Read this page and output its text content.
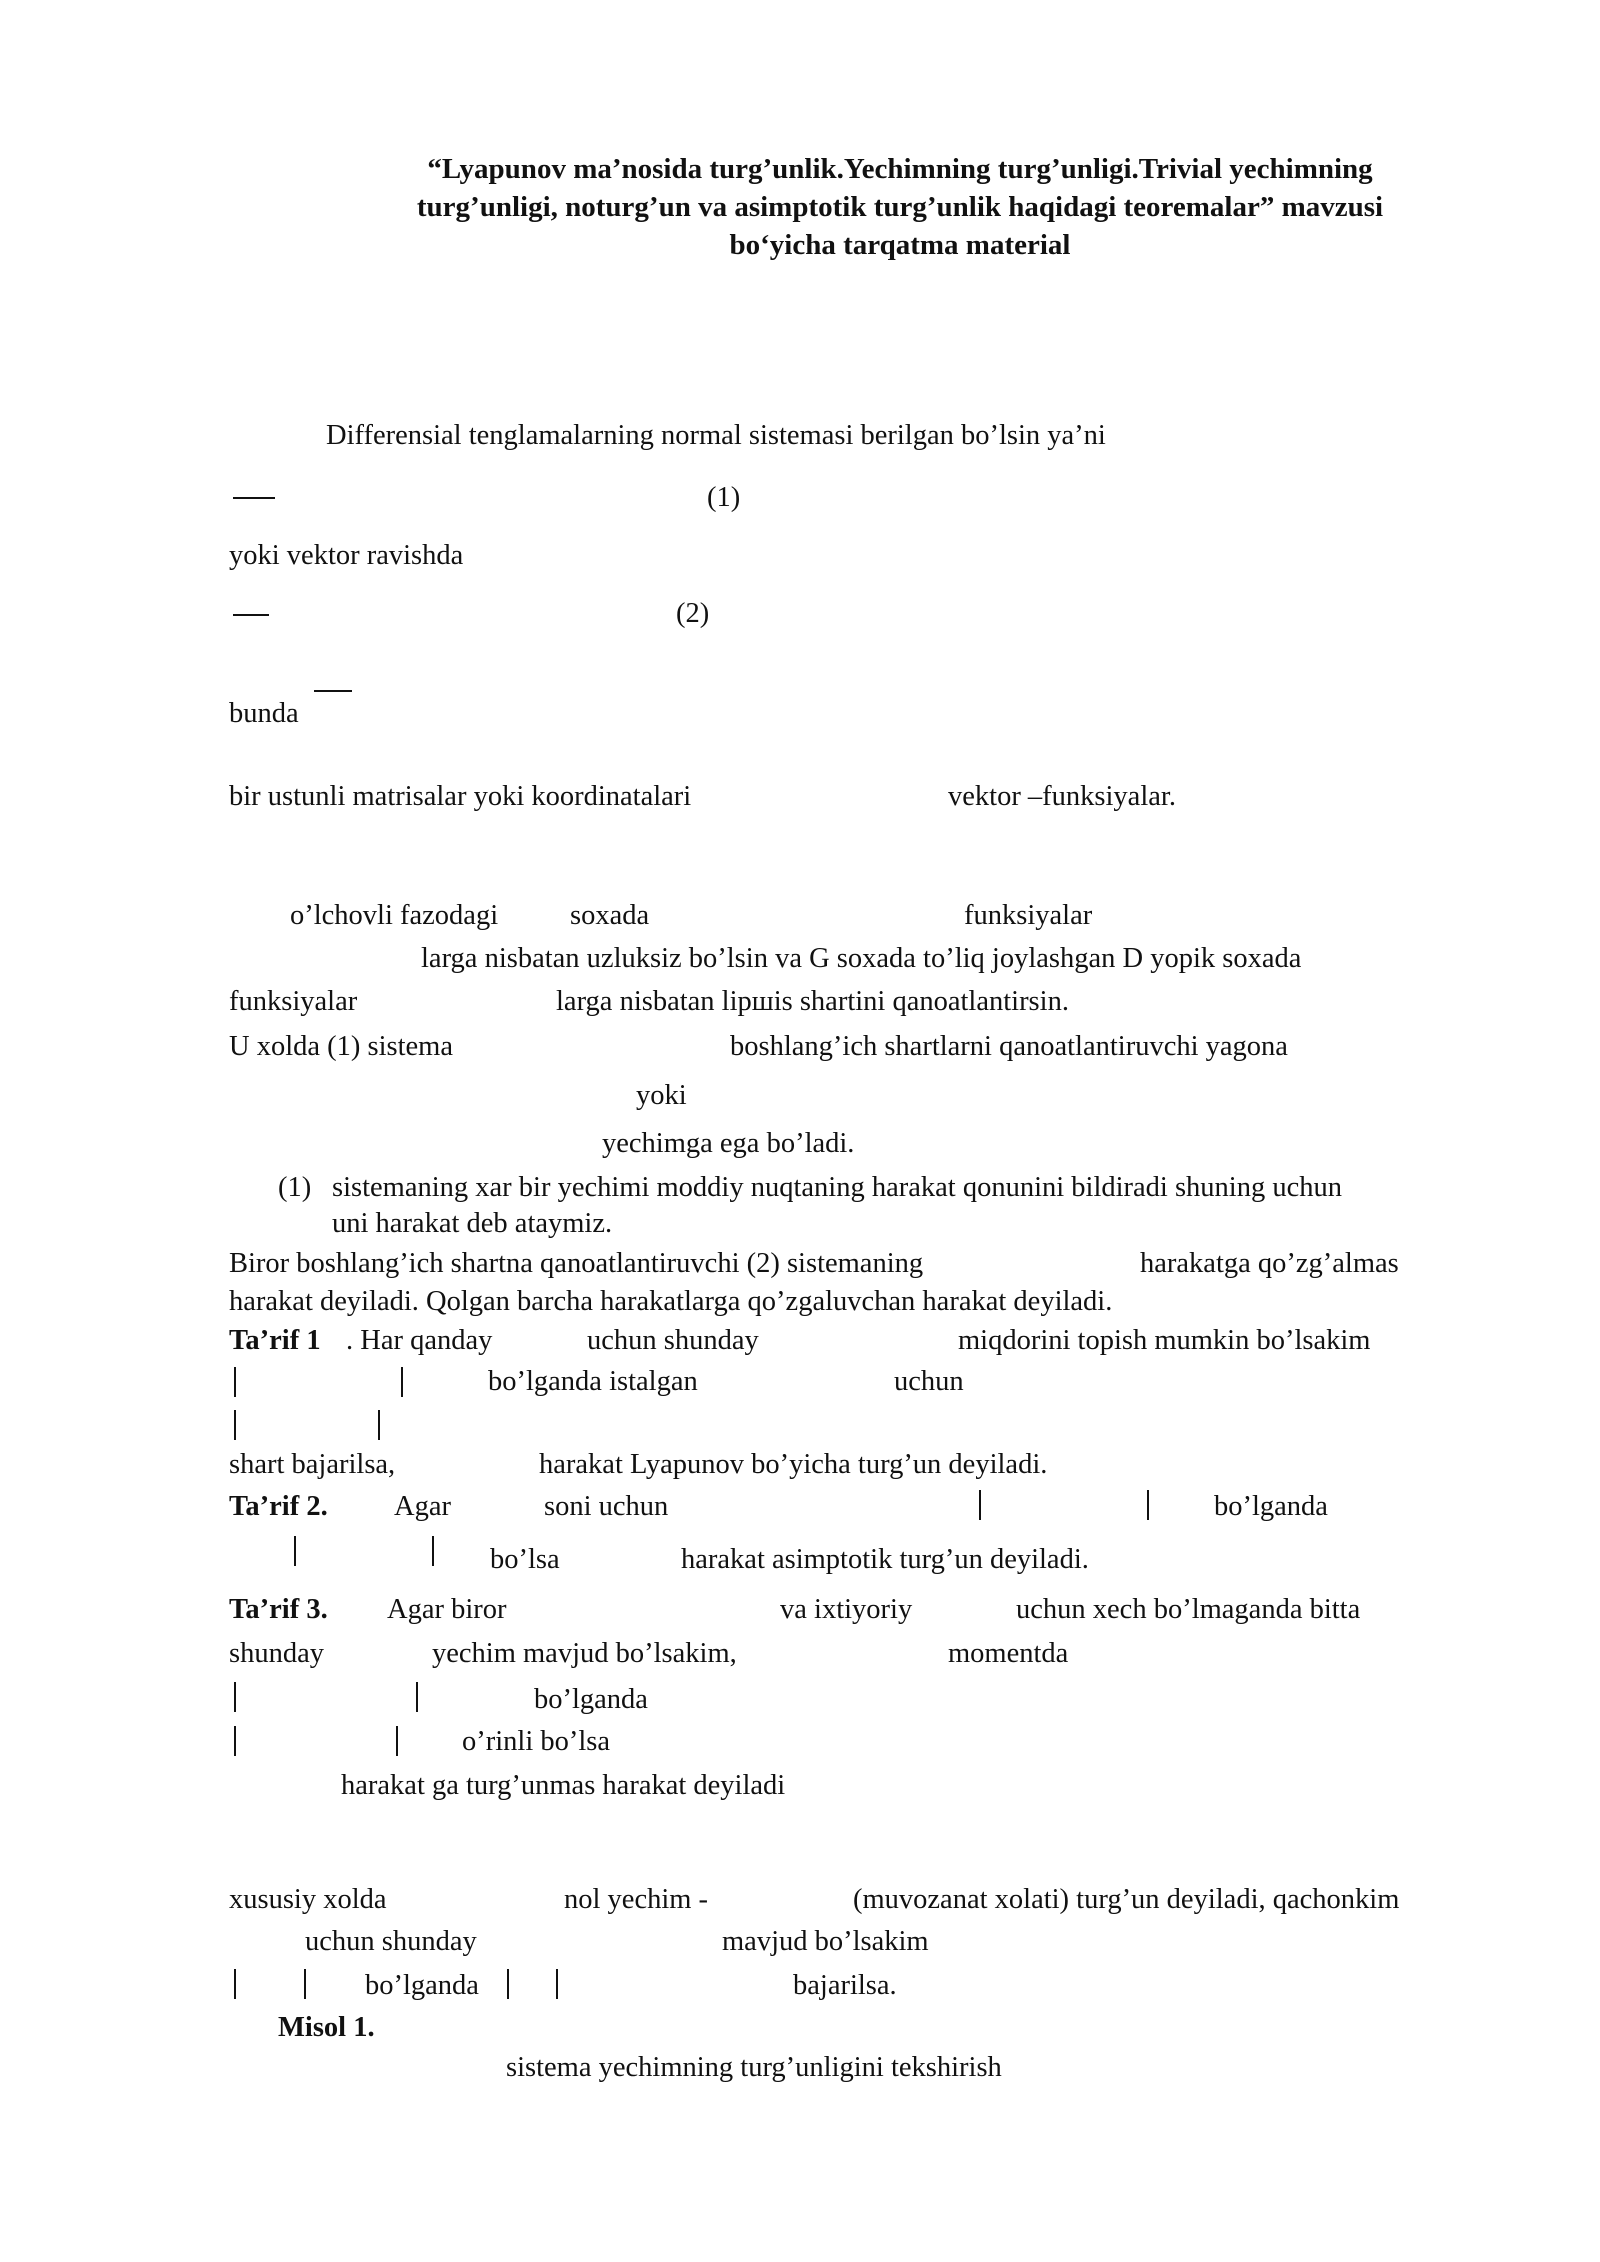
“Lyapunov ma’nosida turg’unlik.Yechimning turg’unligi.Trivial yechimning
turg’unligi, noturg’un va asimptotik turg’unlik haqidagi teoremalar” mavzusi
bo‘yicha tarqatma material
Differensial tenglamalarning normal sistemasi berilgan bo’lsin ya’ni
(1)
yoki vektor ravishda
(2)
bunda
bir ustunli matrisalar yoki koordinatalari	vektor –funksiyalar.
o’lchovli fazodagi	soxada	funksiyalar
larga nisbatan uzluksiz bo’lsin va G soxada to’liq joylashgan D yopik soxada
funksiyalar	larga nisbatan lipшіs shartini qanoatlantirsin.
U xolda (1) sistema	boshlang’ich shartlarni qanoatlantiruvchi yagona
yoki
yechimga ega bo’ladi.
(1) sistemaning xar bir yechimi moddiy nuqtaning harakat qonunini bildiradi shuning uchun
uni harakat deb ataymiz.
Biror boshlang’ich shartna qanoatlantiruvchi (2) sistemaning	harakatga qo’zg’almas
harakat deyiladi. Qolgan barcha harakatlarga qo’zgaluvchan harakat deyiladi.
Ta’rif 1 . Har qanday	uchun shunday	miqdorini topish mumkin bo’lsakim
bo’lganda istalgan	uchun
shart bajarilsa,	harakat Lyapunov bo’yicha turg’un deyiladi.
Ta’rif 2. Agar	soni uchun	bo’lganda
bo’lsa	harakat asimptotik turg’un deyiladi.
Ta’rif 3. Agar biror	va ixtiyoriy	uchun xech bo’lmaganda bitta
shunday	yechim mavjud bo’lsakim,	momentda
bo’lganda
o’rinli bo’lsa
harakat ga turg’unmas harakat deyiladi
xususiy xolda	nol yechim -	(muvozanat xolati) turg’un deyiladi, qachonkim
uchun shunday	mavjud bo’lsakim
bo’lganda	bajarilsa.
Misol 1.
sistema yechimning turg’unligini tekshirish
